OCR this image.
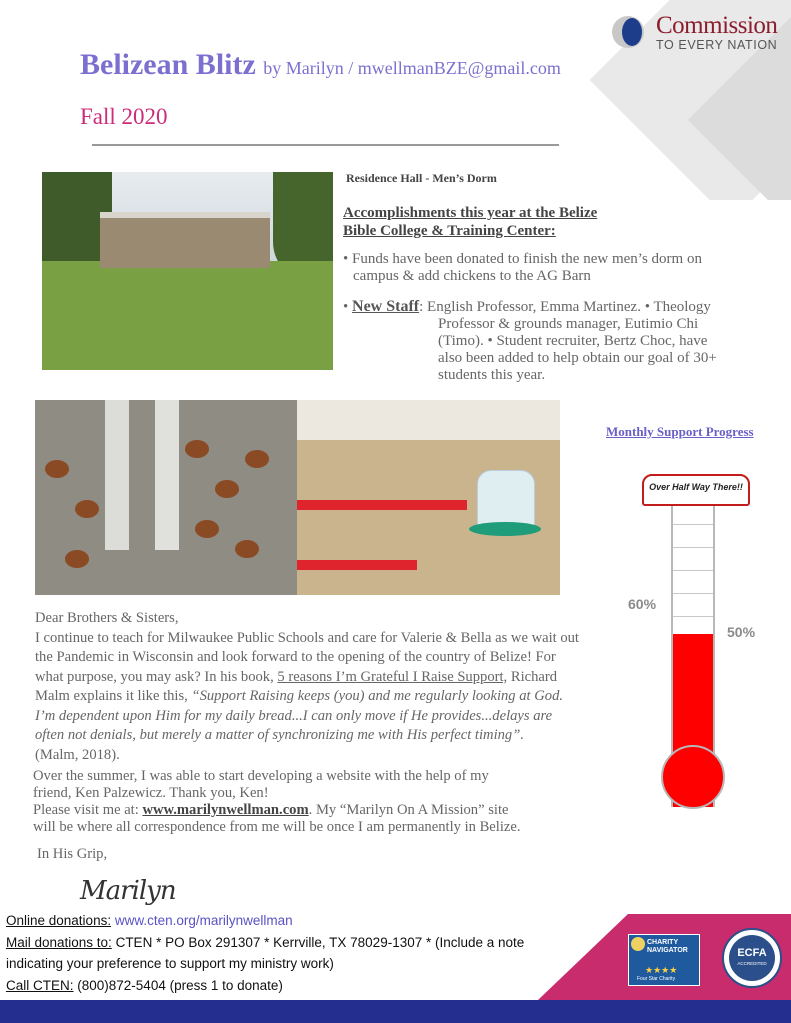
Commission
TO EVERY NATION
Belizean Blitz by Marilyn / mwellmanBZE@gmail.com
Fall 2020
Residence Hall - Men’s Dorm
Accomplishments this year at the Belize
Bible College & Training Center:
• Funds have been donated to finish the new men’s dorm on
campus & add chickens to the AG Barn
• New Staff: English Professor, Emma Martinez. • Theology
Professor & grounds manager, Eutimio Chi
(Timo). • Student recruiter, Bertz Choc, have
also been added to help obtain our goal of 30+
students this year.
Monthly Support Progress
Over Half Way There!!
60%
50%
Dear Brothers & Sisters,
I continue to teach for Milwaukee Public Schools and care for Valerie & Bella as we wait out
the Pandemic in Wisconsin and look forward to the opening of the country of Belize! For
what purpose, you may ask? In his book, 5 reasons I’m Grateful I Raise Support, Richard
Malm explains it like this, “Support Raising keeps (you) and me regularly looking at God.
I’m dependent upon Him for my daily bread...I can only move if He provides...delays are
often not denials, but merely a matter of synchronizing me with His perfect timing”.
(Malm, 2018).
Over the summer, I was able to start developing a website with the help of my
friend, Ken Palzewicz. Thank you, Ken!
Please visit me at: www.marilynwellman.com. My “Marilyn On A Mission” site
will be where all correspondence from me will be once I am permanently in Belize.
In His Grip,
Marilyn
CHARITY
NAVIGATOR
★★★★
Four Star Charity
ECFA
ACCREDITED
Online donations: www.cten.org/marilynwellman
Mail donations to: CTEN * PO Box 291307 * Kerrville, TX 78029-1307 * (Include a note
indicating your preference to support my ministry work)
Call CTEN: (800)872-5404 (press 1 to donate)
